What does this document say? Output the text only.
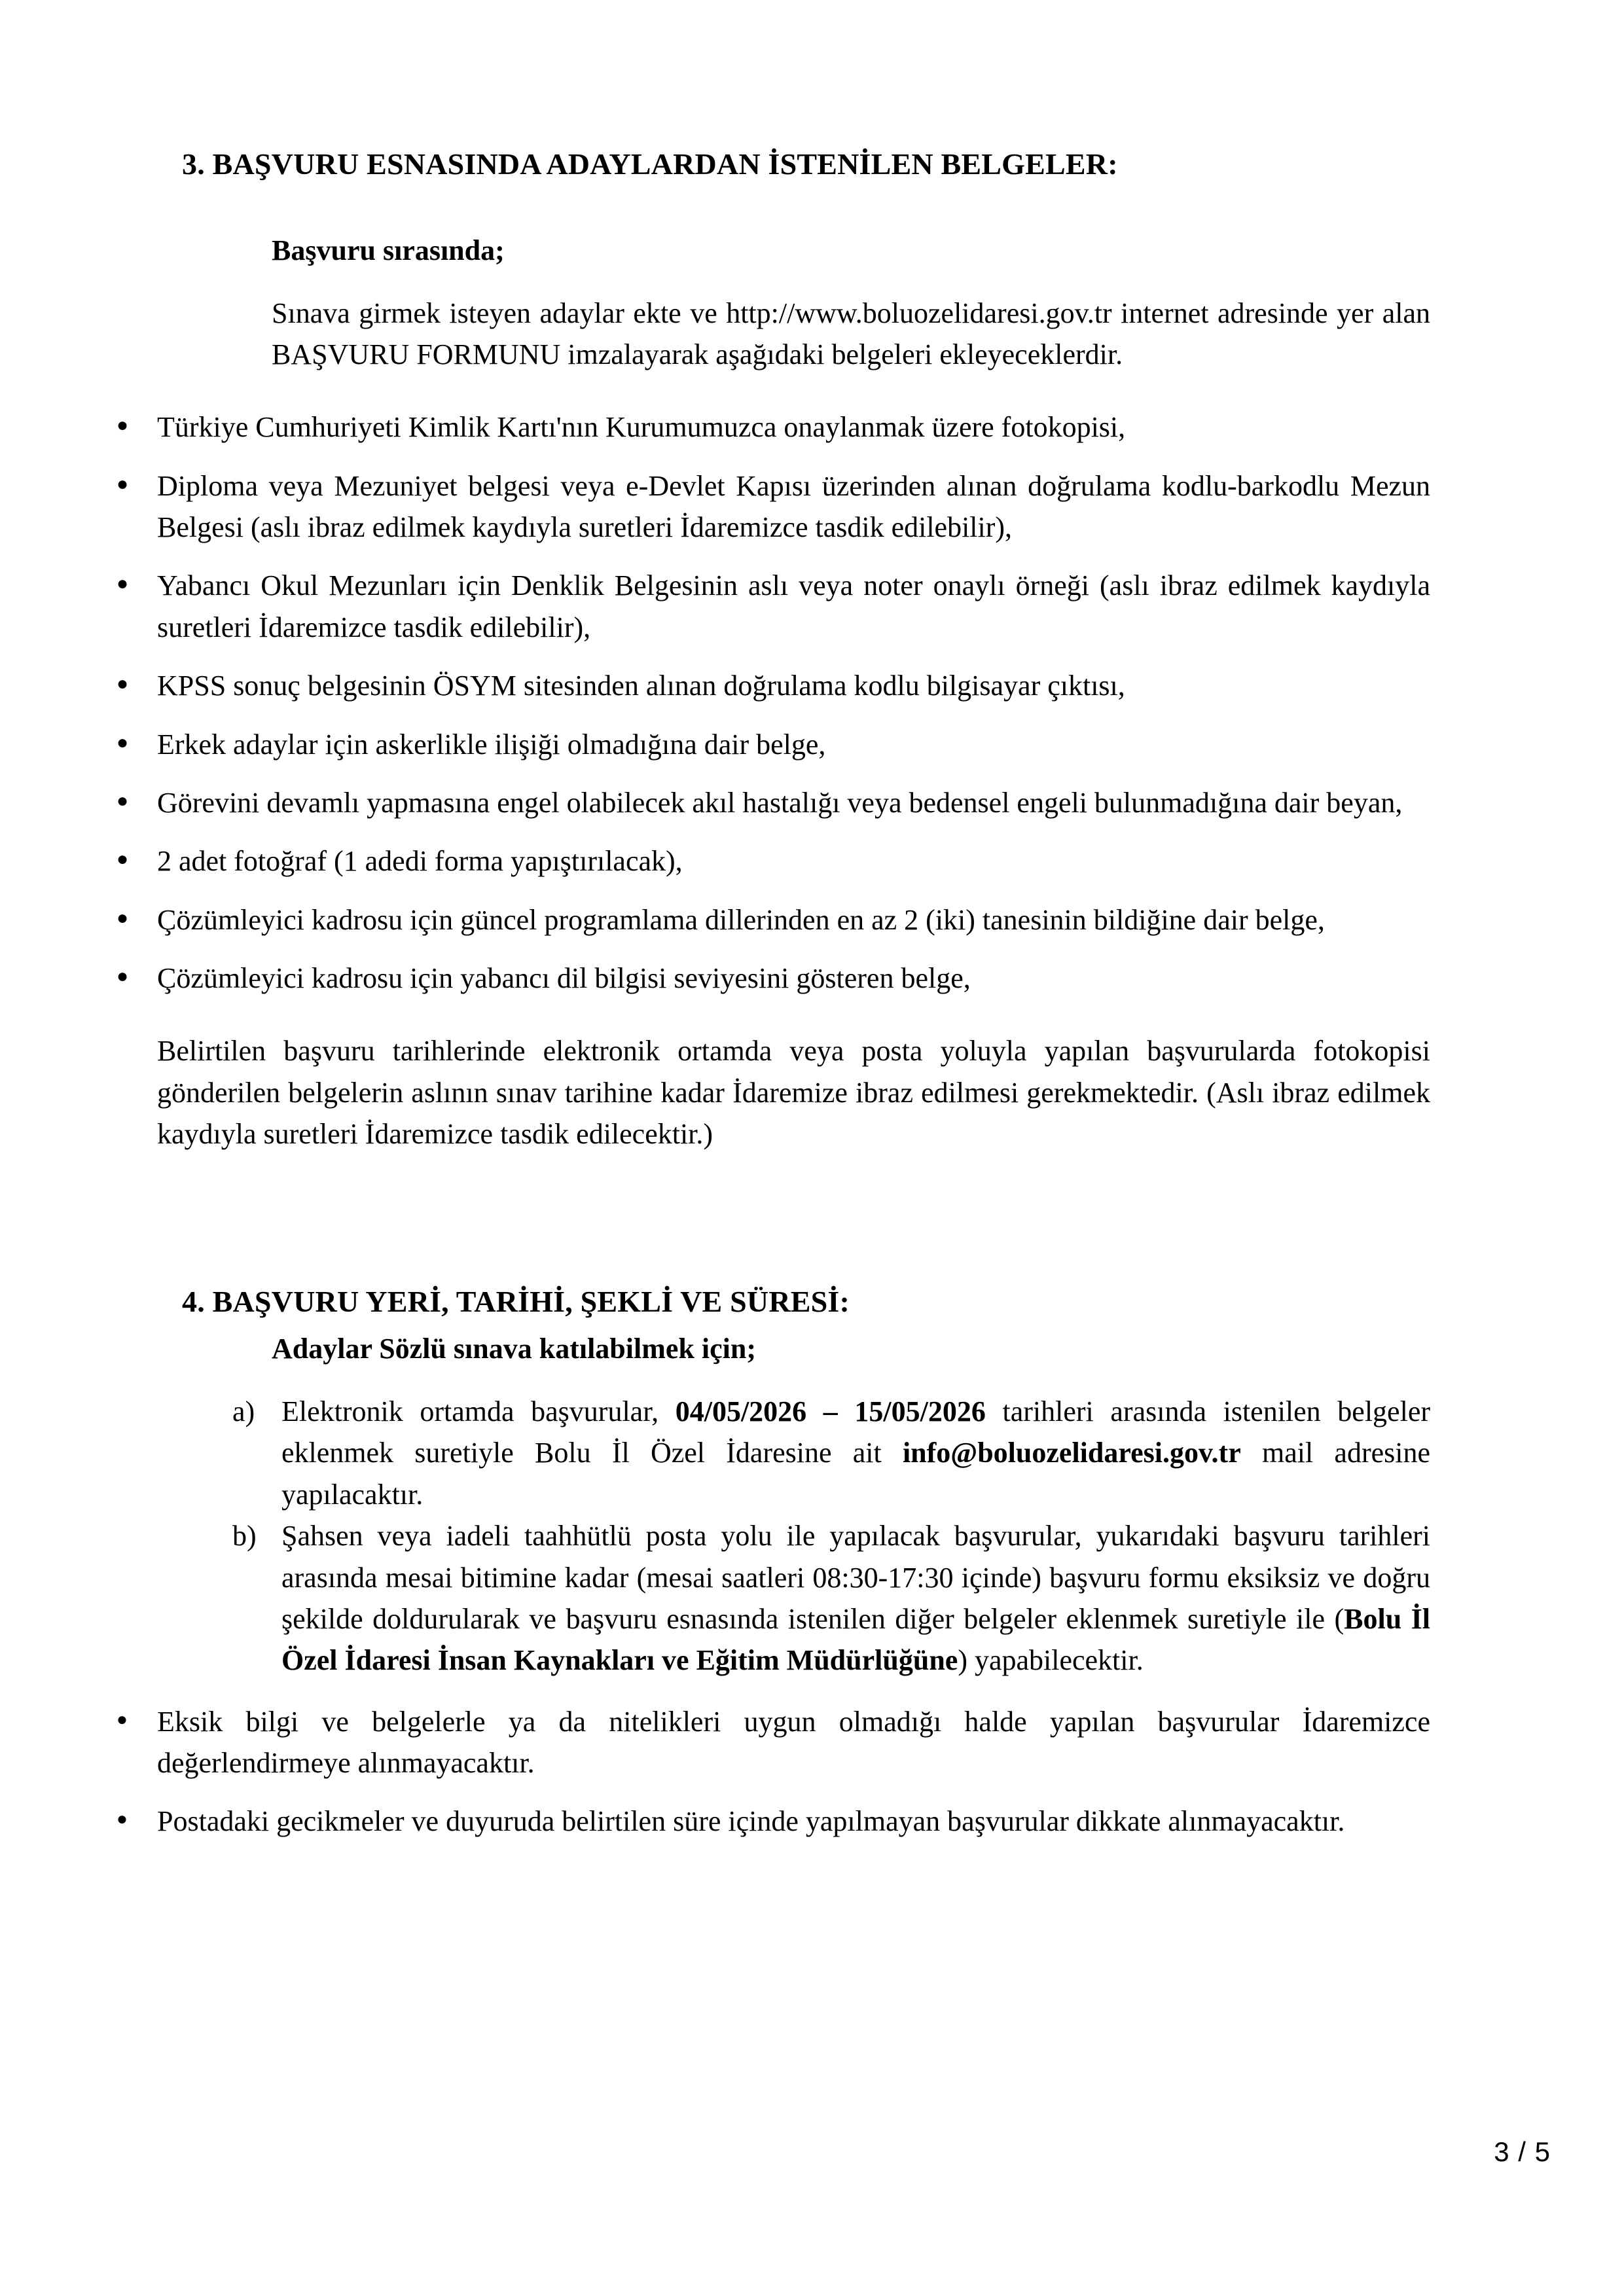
3. BAŞVURU ESNASINDA ADAYLARDAN İSTENİLEN BELGELER:
Başvuru sırasında;

Sınava girmek isteyen adaylar ekte ve http://www.boluozelidaresi.gov.tr internet adresinde yer alan BAŞVURU FORMUNU imzalayarak aşağıdaki belgeleri ekleyeceklerdir.

● Türkiye Cumhuriyeti Kimlik Kartı'nın Kurumumuzca onaylanmak üzere fotokopisi,
● Diploma veya Mezuniyet belgesi veya e-Devlet Kapısı üzerinden alınan doğrulama kodlu-barkodlu Mezun Belgesi (aslı ibraz edilmek kaydıyla suretleri İdaremizce tasdik edilebilir),
● Yabancı Okul Mezunları için Denklik Belgesinin aslı veya noter onaylı örneği (aslı ibraz edilmek kaydıyla suretleri İdaremizce tasdik edilebilir),
● KPSS sonuç belgesinin ÖSYM sitesinden alınan doğrulama kodlu bilgisayar çıktısı,
● Erkek adaylar için askerlikle ilişiği olmadığına dair belge,
● Görevini devamlı yapmasına engel olabilecek akıl hastalığı veya bedensel engeli bulunmadığına dair beyan,
● 2 adet fotoğraf (1 adedi forma yapıştırılacak),
● Çözümleyici kadrosu için güncel programlama dillerinden en az 2 (iki) tanesinin bildiğine dair belge,
● Çözümleyici kadrosu için yabancı dil bilgisi seviyesini gösteren belge,

Belirtilen başvuru tarihlerinde elektronik ortamda veya posta yoluyla yapılan başvurularda fotokopisi gönderilen belgelerin aslının sınav tarihine kadar İdaremize ibraz edilmesi gerekmektedir. (Aslı ibraz edilmek kaydıyla suretleri İdaremizce tasdik edilecektir.)

4. BAŞVURU YERİ, TARİHİ, ŞEKLİ VE SÜRESİ:
Adaylar Sözlü sınava katılabilmek için;
a) Elektronik ortamda başvurular, 04/05/2026 – 15/05/2026 tarihleri arasında istenilen belgeler eklenmek suretiyle Bolu İl Özel İdaresine ait info@boluozelidaresi.gov.tr mail adresine yapılacaktır.
b) Şahsen veya iadeli taahhütlü posta yolu ile yapılacak başvurular, yukarıdaki başvuru tarihleri arasında mesai bitimine kadar (mesai saatleri 08:30-17:30 içinde) başvuru formu eksiksiz ve doğru şekilde doldurularak ve başvuru esnasında istenilen diğer belgeler eklenmek suretiyle ile (Bolu İl Özel İdaresi İnsan Kaynakları ve Eğitim Müdürlüğüne) yapabilecektir.
● Eksik bilgi ve belgelerle ya da nitelikleri uygun olmadığı halde yapılan başvurular İdaremizce değerlendirmeye alınmayacaktır.
● Postadaki gecikmeler ve duyuruda belirtilen süre içinde yapılmayan başvurular dikkate alınmayacaktır.
3 / 5
